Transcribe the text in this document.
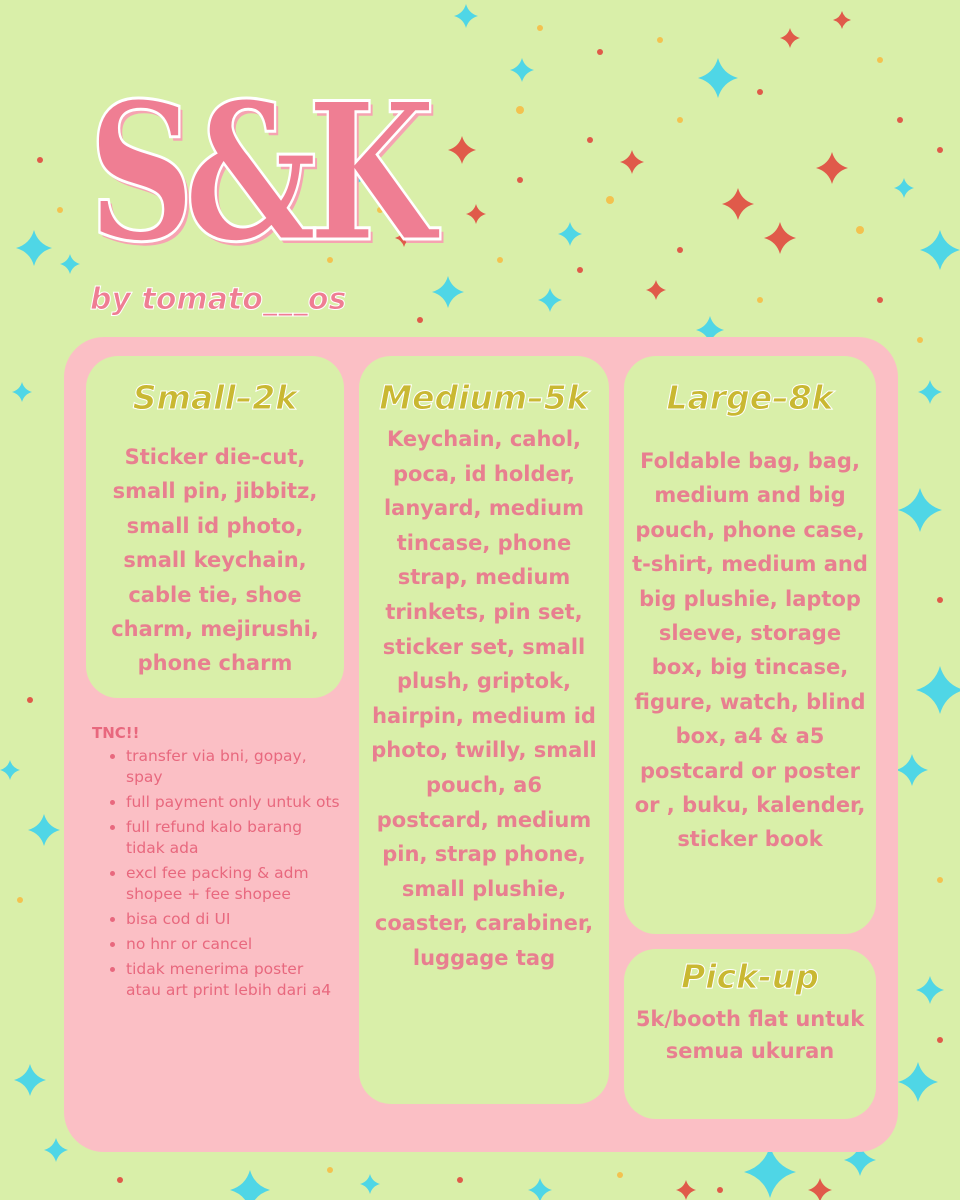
S&K
by tomato___os
Small–2k

Sticker die-cut, small pin, jibbitz, small id photo, small keychain, cable tie, shoe charm, mejirushi, phone charm

Medium–5k

Keychain, cahol, poca, id holder, lanyard, medium tincase, phone strap, medium trinkets, pin set, sticker set, small plush, griptok, hairpin, medium id photo, twilly, small pouch, a6 postcard, medium pin, strap phone, small plushie, coaster, carabiner, luggage tag

Large–8k

Foldable bag, bag, medium and big pouch, phone case, t-shirt, medium and big plushie, laptop sleeve, storage box, big tincase, figure, watch, blind box, a4 & a5 postcard or poster or , buku, kalender, sticker book

Pick-up

5k/booth flat untuk semua ukuran

TNC!!
• transfer via bni, gopay, spay
• full payment only untuk ots
• full refund kalo barang tidak ada
• excl fee packing & adm shopee + fee shopee
• bisa cod di UI
• no hnr or cancel
• tidak menerima poster atau art print lebih dari a4
